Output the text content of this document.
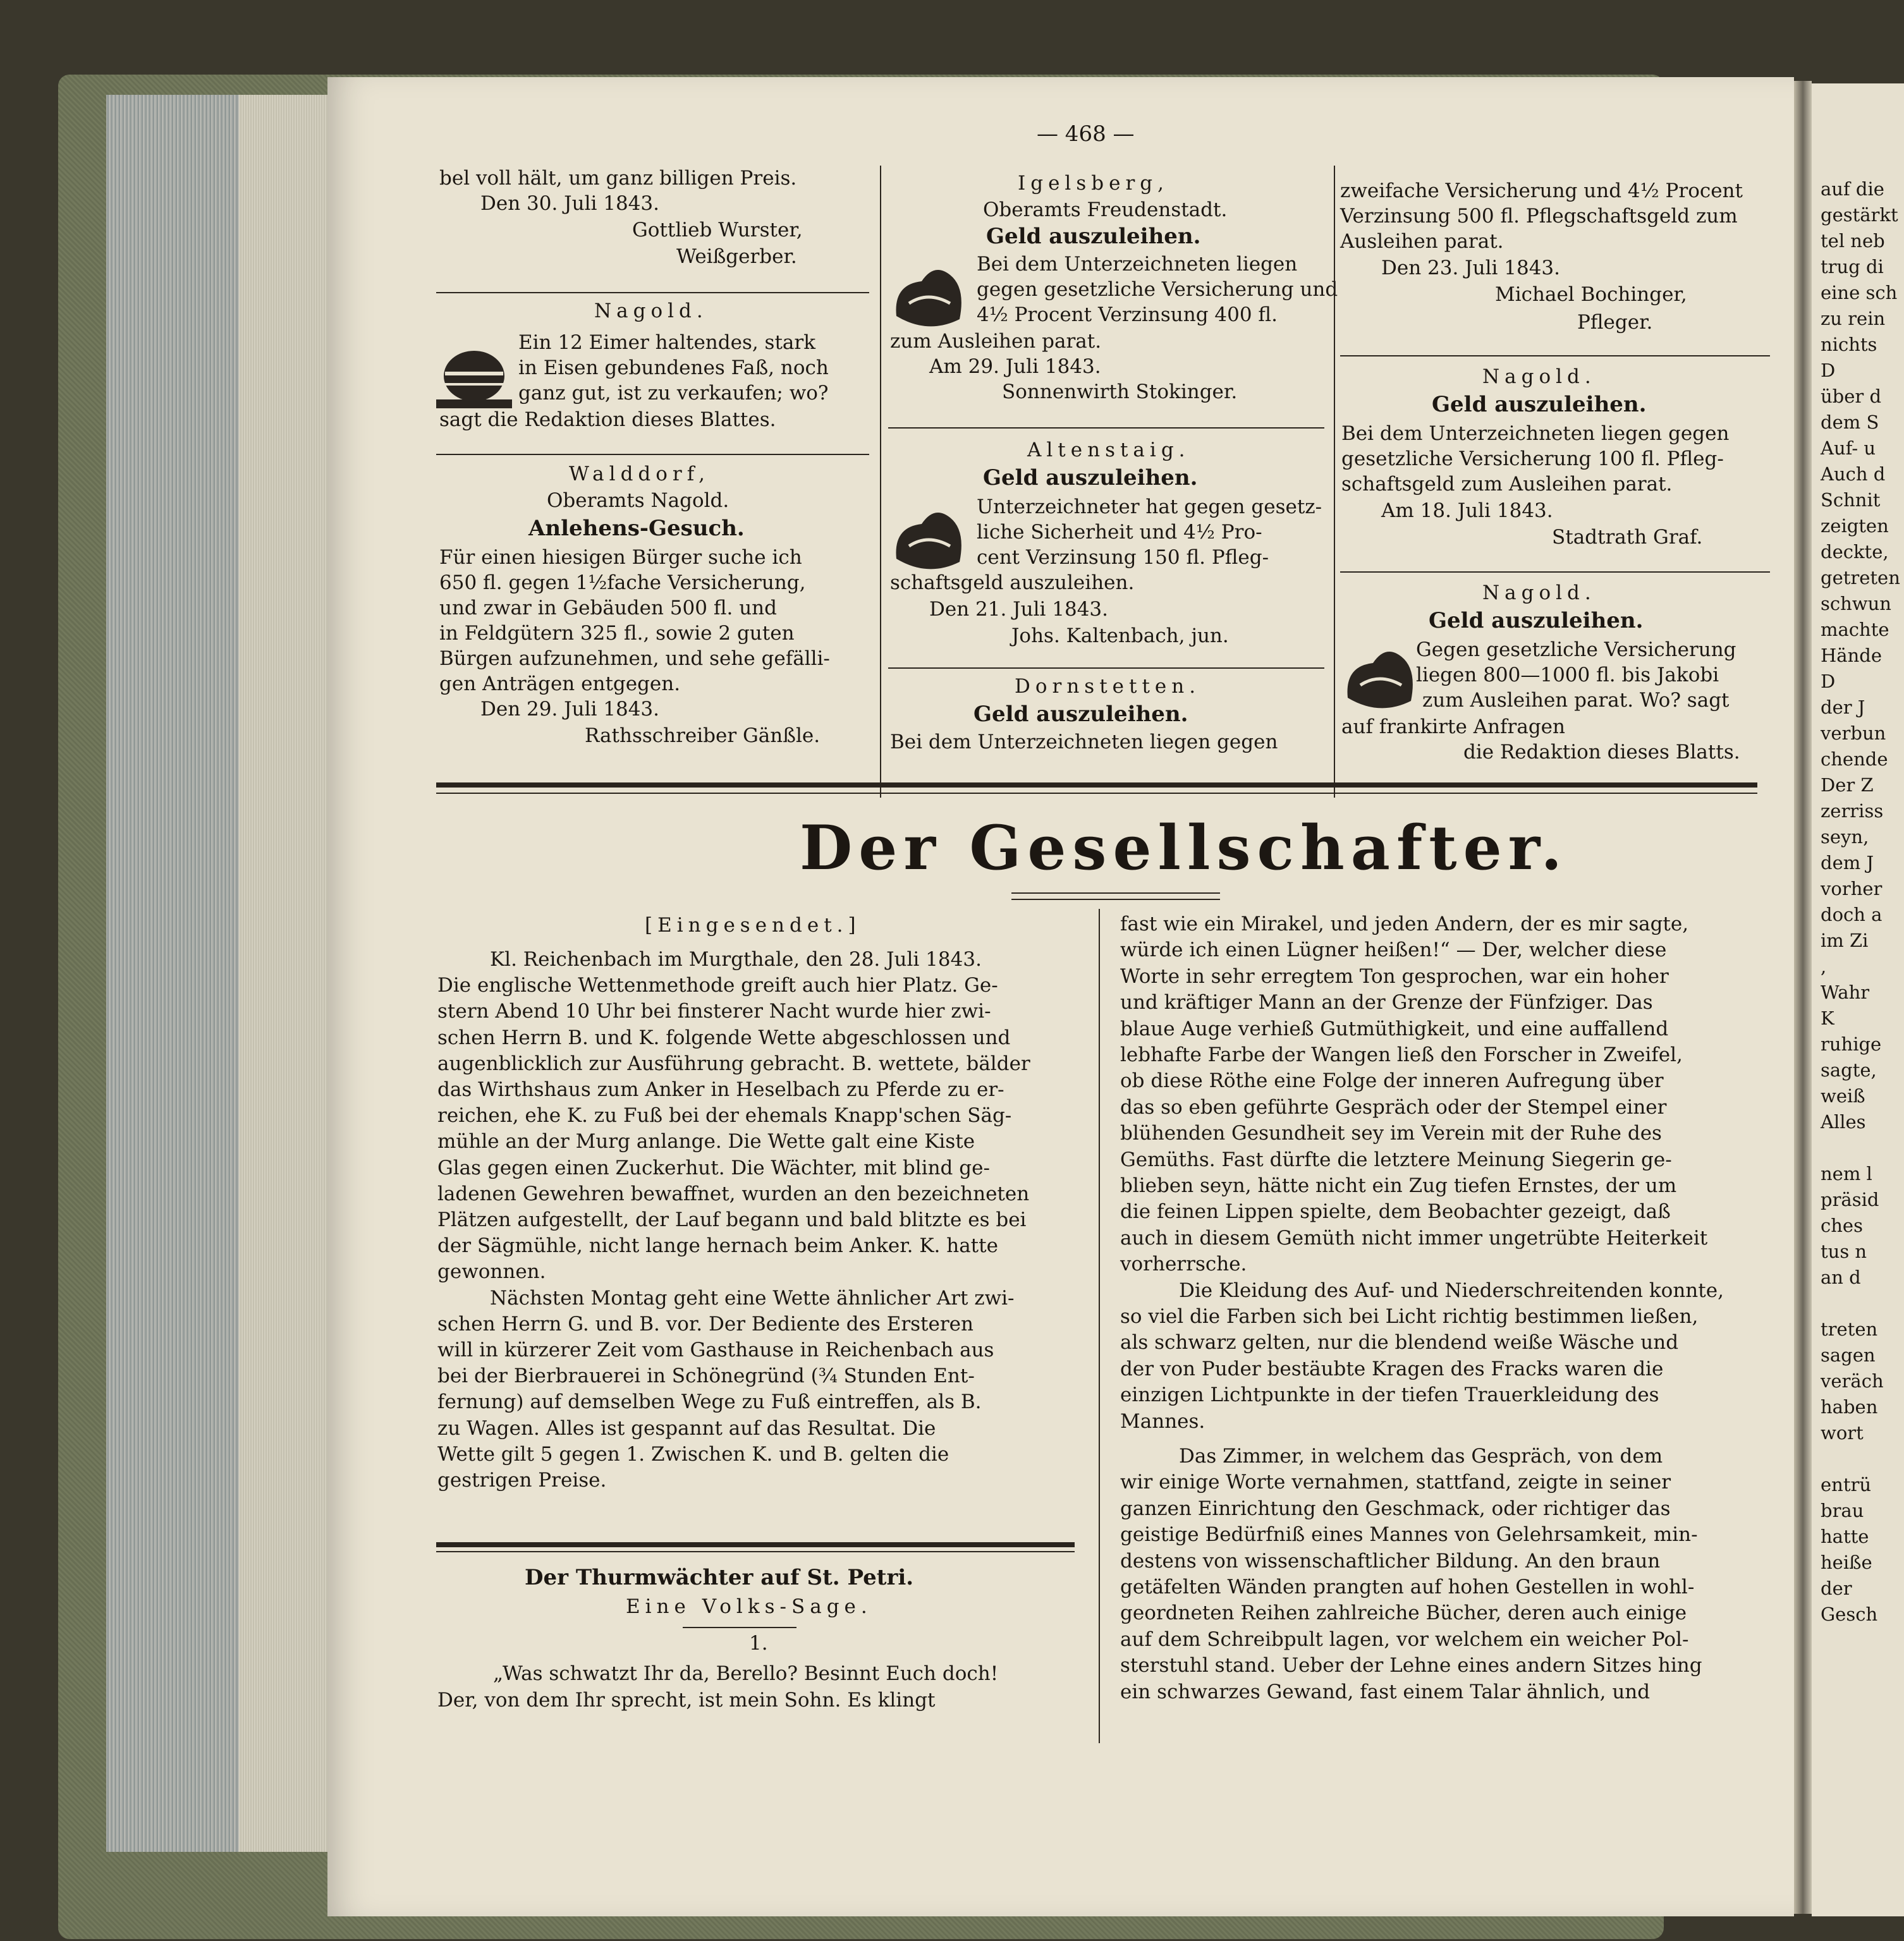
auf die
gestärkt
tel neb
trug di
eine sch
zu rein
nichts
D
über d
dem S
Auf- u
Auch d
Schnit
zeigten
deckte,
getreten
schwun
machte
Hände
D
der J
verbun
chende
Der Z
zerriss
seyn,
dem J
vorher
doch a
im Zi
,
Wahr
K
ruhige
sagte,
weiß
Alles
nem l
präsid
ches
tus n
an d
treten
sagen
veräch
haben
wort
entrü
brau
hatte
heiße
der
Gesch
— 468 —
bel voll hält, um ganz billigen Preis.
Den 30. Juli 1843.
Gottlieb Wurster,
Weißgerber.
Nagold.
Ein 12 Eimer haltendes, stark
in Eisen gebundenes Faß, noch
ganz gut, ist zu verkaufen; wo?
sagt die Redaktion dieses Blattes.
Walddorf,
Oberamts Nagold.
Anlehens-Gesuch.
Für einen hiesigen Bürger suche ich
650 fl. gegen 1½fache Versicherung,
und zwar in Gebäuden 500 fl. und
in Feldgütern 325 fl., sowie 2 guten
Bürgen aufzunehmen, und sehe gefälli-
gen Anträgen entgegen.
Den 29. Juli 1843.
Rathsschreiber Gänßle.
Igelsberg,
Oberamts Freudenstadt.
Geld auszuleihen.
Bei dem Unterzeichneten liegen
gegen gesetzliche Versicherung und
4½ Procent Verzinsung 400 fl.
zum Ausleihen parat.
Am 29. Juli 1843.
Sonnenwirth Stokinger.
Altenstaig.
Geld auszuleihen.
Unterzeichneter hat gegen gesetz-
liche Sicherheit und 4½ Pro-
cent Verzinsung 150 fl. Pfleg-
schaftsgeld auszuleihen.
Den 21. Juli 1843.
Johs. Kaltenbach, jun.
Dornstetten.
Geld auszuleihen.
Bei dem Unterzeichneten liegen gegen
zweifache Versicherung und 4½ Procent
Verzinsung 500 fl. Pflegschaftsgeld zum
Ausleihen parat.
Den 23. Juli 1843.
Michael Bochinger,
Pfleger.
Nagold.
Geld auszuleihen.
Bei dem Unterzeichneten liegen gegen
gesetzliche Versicherung 100 fl. Pfleg-
schaftsgeld zum Ausleihen parat.
Am 18. Juli 1843.
Stadtrath Graf.
Nagold.
Geld auszuleihen.
Gegen gesetzliche Versicherung
liegen 800—1000 fl. bis Jakobi
zum Ausleihen parat. Wo? sagt
auf frankirte Anfragen
die Redaktion dieses Blatts.
Der Gesellschafter.
[Eingesendet.]
Kl. Reichenbach im Murgthale, den 28. Juli 1843.
Die englische Wettenmethode greift auch hier Platz. Ge-
stern Abend 10 Uhr bei finsterer Nacht wurde hier zwi-
schen Herrn B. und K. folgende Wette abgeschlossen und
augenblicklich zur Ausführung gebracht. B. wettete, bälder
das Wirthshaus zum Anker in Heselbach zu Pferde zu er-
reichen, ehe K. zu Fuß bei der ehemals Knapp'schen Säg-
mühle an der Murg anlange. Die Wette galt eine Kiste
Glas gegen einen Zuckerhut. Die Wächter, mit blind ge-
ladenen Gewehren bewaffnet, wurden an den bezeichneten
Plätzen aufgestellt, der Lauf begann und bald blitzte es bei
der Sägmühle, nicht lange hernach beim Anker. K. hatte
gewonnen.
Nächsten Montag geht eine Wette ähnlicher Art zwi-
schen Herrn G. und B. vor. Der Bediente des Ersteren
will in kürzerer Zeit vom Gasthause in Reichenbach aus
bei der Bierbrauerei in Schönegründ (¾ Stunden Ent-
fernung) auf demselben Wege zu Fuß eintreffen, als B.
zu Wagen. Alles ist gespannt auf das Resultat. Die
Wette gilt 5 gegen 1. Zwischen K. und B. gelten die
gestrigen Preise.
Der Thurmwächter auf St. Petri.
Eine Volks-Sage.
1.
„Was schwatzt Ihr da, Berello? Besinnt Euch doch!
Der, von dem Ihr sprecht, ist mein Sohn. Es klingt
fast wie ein Mirakel, und jeden Andern, der es mir sagte,
würde ich einen Lügner heißen!“ — Der, welcher diese
Worte in sehr erregtem Ton gesprochen, war ein hoher
und kräftiger Mann an der Grenze der Fünfziger. Das
blaue Auge verhieß Gutmüthigkeit, und eine auffallend
lebhafte Farbe der Wangen ließ den Forscher in Zweifel,
ob diese Röthe eine Folge der inneren Aufregung über
das so eben geführte Gespräch oder der Stempel einer
blühenden Gesundheit sey im Verein mit der Ruhe des
Gemüths. Fast dürfte die letztere Meinung Siegerin ge-
blieben seyn, hätte nicht ein Zug tiefen Ernstes, der um
die feinen Lippen spielte, dem Beobachter gezeigt, daß
auch in diesem Gemüth nicht immer ungetrübte Heiterkeit
vorherrsche.
Die Kleidung des Auf- und Niederschreitenden konnte,
so viel die Farben sich bei Licht richtig bestimmen ließen,
als schwarz gelten, nur die blendend weiße Wäsche und
der von Puder bestäubte Kragen des Fracks waren die
einzigen Lichtpunkte in der tiefen Trauerkleidung des
Mannes.
Das Zimmer, in welchem das Gespräch, von dem
wir einige Worte vernahmen, stattfand, zeigte in seiner
ganzen Einrichtung den Geschmack, oder richtiger das
geistige Bedürfniß eines Mannes von Gelehrsamkeit, min-
destens von wissenschaftlicher Bildung. An den braun
getäfelten Wänden prangten auf hohen Gestellen in wohl-
geordneten Reihen zahlreiche Bücher, deren auch einige
auf dem Schreibpult lagen, vor welchem ein weicher Pol-
sterstuhl stand. Ueber der Lehne eines andern Sitzes hing
ein schwarzes Gewand, fast einem Talar ähnlich, und
